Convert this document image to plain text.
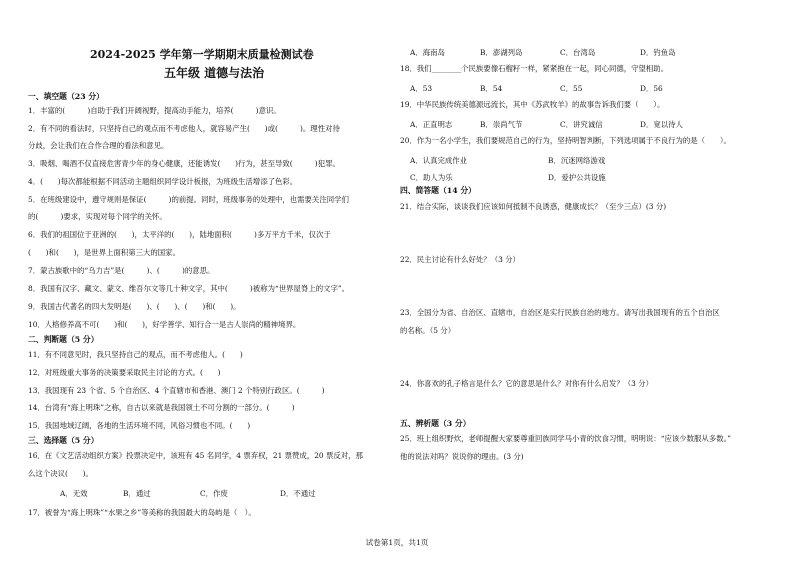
2024-2025 学年第一学期期末质量检测试卷
五年级 道德与法治
一、填空题（23 分）
1．丰富的(　　　)自助于我们开阔视野，提高动手能力，培养(　　　)意识。
2．有不同的看法时，只坚持自己的观点而不考虑他人，就容易产生(　　)或(　　　)。理性对待
分歧，会让我们在合作合理的看法和意见。
3．吸烟、喝酒不仅直接危害青少年的身心健康，还能诱发(　　)行为，甚至导致(　　　)犯罪。
4．(　　)每次都能根据不同活动主题组织同学设计板报，为班级生活增添了色彩。
5．在班级建设中，遵守规则是保证(　　　)的前提。同时，班级事务的处理中，也需要关注同学们
的(　　　)要求，实现对每个同学的关怀。
6．我们的祖国位于亚洲的(　　)，太平洋的(　　)，陆地面积(　　　)多万平方千米，仅次于
(　　)和(　　)，是世界上面积第三大的国家。
7．蒙古族歌中的“乌力吉”是(　　　)、(　　　)的意思。
8．我国有汉字、藏文、蒙文、维吾尔文等几十种文字，其中(　　　)被称为“世界屋脊上的文字”。
9．我国古代著名的四大发明是(　　)、(　　)、(　　)和(　　)。
10．人格修养高不可(　　)和(　　)，好学善学、知行合一是古人崇尚的精神境界。
二、判断题（5 分）
11．有不同意见时，我只坚持自己的观点，而不考虑他人。(　　)
12．对班级重大事务的决策要采取民主讨论的方式。(　　)
13．我国现有 23 个省、5 个自治区、4 个直辖市和香港、澳门 2 个特别行政区。(　　　)
14．台湾有“海上明珠”之称，自古以来就是我国领土不可分割的一部分。(　　　)
15．我国地域辽阔，各地的生活环境不同，风俗习惯也不同。(　　)
三、选择题（5 分）
16．在《文艺活动组织方案》投票决定中，该班有 45 名同学，4 票弃权，21 票赞成，20 票反对，那
么这个决议(　　)。
A．无效	B．通过	C．作废	D．不通过
17．被誉为“海上明珠”“水果之乡”等美称的我国最大的岛屿是（　）。
A．海南岛	B．澎湖列岛	C．台湾岛	D．钓鱼岛
18．我们________个民族要像石榴籽一样，紧紧抱在一起，同心同德，守望相助。
A．53	B．54	C．55	D．56
19．中华民族传统美德源远流长，其中《苏武牧羊》的故事告诉我们要（　　）。
A．正直明志	B．崇尚气节	C．讲究诚信	D．宽以待人
20．作为一名小学生，我们要规范自己的行为，坚持明智判断，下列选项属于不良行为的是（　　）。
A．认真完成作业	B．沉迷网络游戏
C．助人为乐	D．爱护公共设施
四、简答题（14 分）
21．结合实际，谈谈我们应该如何抵制不良诱惑，健康成长？（至少三点）(3 分)
22．民主讨论有什么好处？（3 分）
23．全国分为省、自治区、直辖市，自治区是实行民族自治的地方。请写出我国现有的五个自治区
的名称。（5 分）
24．你喜欢的孔子格言是什么？它的意思是什么？对你有什么启发？（3 分）
五、辨析题（3 分）
25．班上组织野炊，老师提醒大家要尊重回族同学马小青的饮食习惯，明明说：“应该少数服从多数。”
他的说法对吗？说说你的理由。(3 分)
试卷第1页，共1页
